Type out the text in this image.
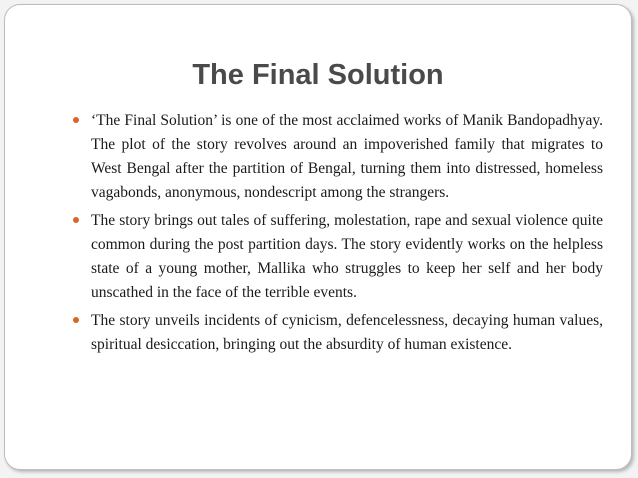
The Final Solution
‘The Final Solution’ is one of the most acclaimed works of Manik Bandopadhyay. The plot of the story revolves around an impoverished family that migrates to West Bengal after the partition of Bengal, turning them into distressed, homeless vagabonds, anonymous, nondescript among the strangers.
The story brings out tales of suffering, molestation, rape and sexual violence quite common during the post partition days. The story evidently works on the helpless state of a young mother, Mallika who struggles to keep her self and her body unscathed in the face of the terrible events.
The story unveils incidents of cynicism, defencelessness, decaying human values, spiritual desiccation, bringing out the absurdity of human existence.
